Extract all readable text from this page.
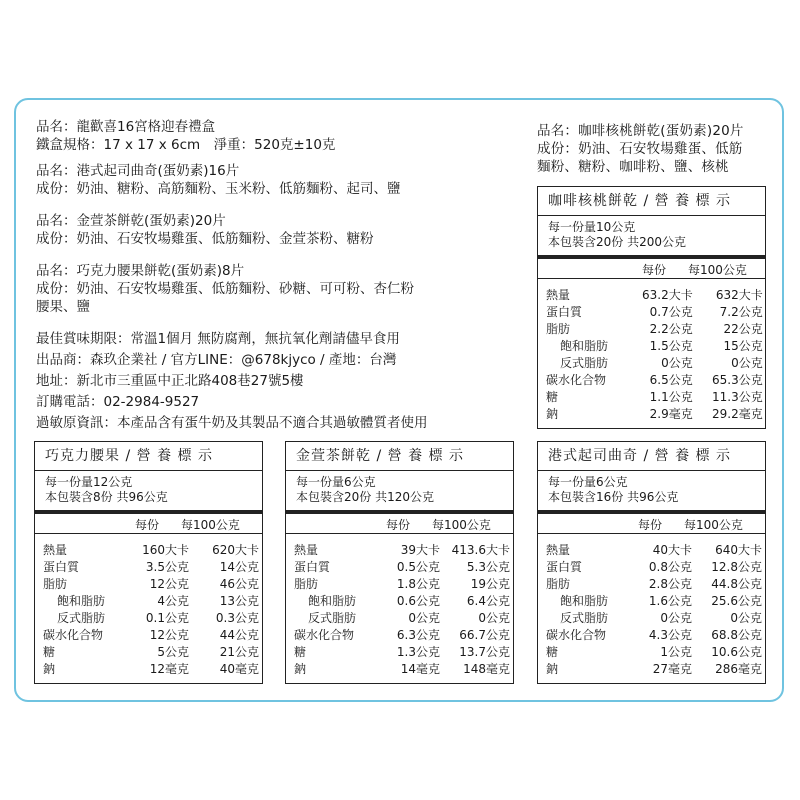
品名：龍歡喜16宮格迎春禮盒
鐵盒規格：17 x 17 x 6cm　淨重：520克±10克
品名：港式起司曲奇(蛋奶素)16片
成份：奶油、糖粉、高筋麵粉、玉米粉、低筋麵粉、起司、鹽
品名：金萱茶餅乾(蛋奶素)20片
成份：奶油、石安牧場雞蛋、低筋麵粉、金萱茶粉、糖粉
品名：巧克力腰果餅乾(蛋奶素)8片
成份：奶油、石安牧場雞蛋、低筋麵粉、砂糖、可可粉、杏仁粉
腰果、鹽
最佳賞味期限：常溫1個月 無防腐劑，無抗氧化劑請儘早食用
出品商：森玖企業社 / 官方LINE：@678kjyco / 產地：台灣
地址：新北市三重區中正北路408巷27號5樓
訂購電話：02-2984-9527
過敏原資訊：本產品含有蛋牛奶及其製品不適合其過敏體質者使用
品名：咖啡核桃餅乾(蛋奶素)20片
成份：奶油、石安牧場雞蛋、低筋
麵粉、糖粉、咖啡粉、鹽、核桃
咖啡核桃餅乾 / 營 養 標 示
每一份量10公克
本包裝含20份 共200公克
每份 每100公克
熱量	63.2大卡	632大卡
蛋白質	0.7公克	7.2公克
脂肪	2.2公克	22公克
飽和脂肪	1.5公克	15公克
反式脂肪	0公克	0公克
碳水化合物	6.5公克	65.3公克
糖	1.1公克	11.3公克
鈉	2.9毫克	29.2毫克
巧克力腰果 / 營 養 標 示
每一份量12公克
本包裝含8份 共96公克
每份 每100公克
熱量	160大卡	620大卡
蛋白質	3.5公克	14公克
脂肪	12公克	46公克
飽和脂肪	4公克	13公克
反式脂肪	0.1公克	0.3公克
碳水化合物	12公克	44公克
糖	5公克	21公克
鈉	12毫克	40毫克
金萱茶餅乾 / 營 養 標 示
每一份量6公克
本包裝含20份 共120公克
每份 每100公克
熱量	39大卡	413.6大卡
蛋白質	0.5公克	5.3公克
脂肪	1.8公克	19公克
飽和脂肪	0.6公克	6.4公克
反式脂肪	0公克	0公克
碳水化合物	6.3公克	66.7公克
糖	1.3公克	13.7公克
鈉	14毫克	148毫克
港式起司曲奇 / 營 養 標 示
每一份量6公克
本包裝含16份 共96公克
每份 每100公克
熱量	40大卡	640大卡
蛋白質	0.8公克	12.8公克
脂肪	2.8公克	44.8公克
飽和脂肪	1.6公克	25.6公克
反式脂肪	0公克	0公克
碳水化合物	4.3公克	68.8公克
糖	1公克	10.6公克
鈉	27毫克	286毫克
